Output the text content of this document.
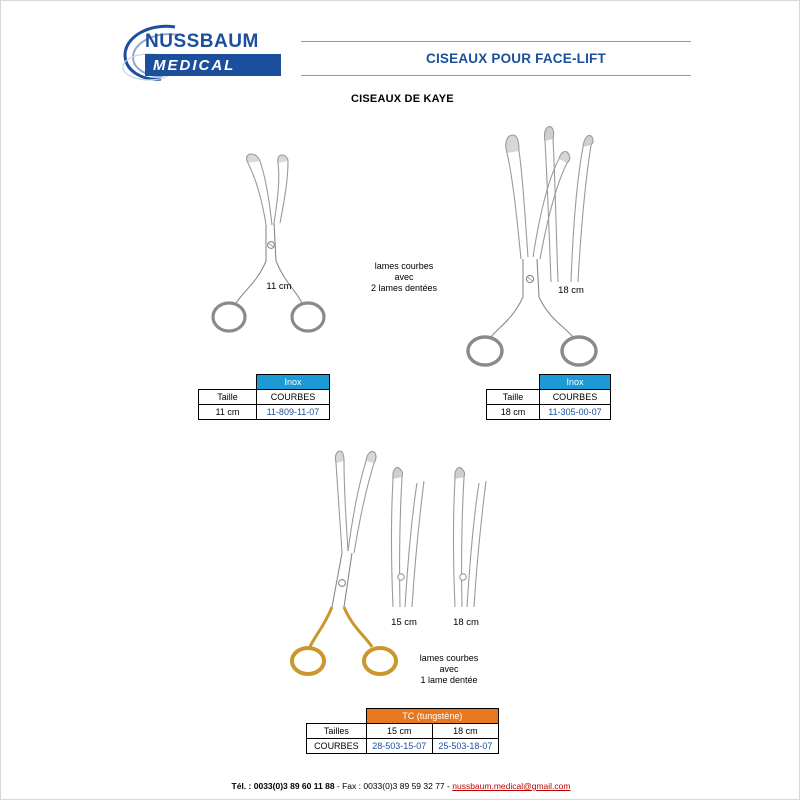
NUSSBAUM
MEDICAL	CISEAUX POUR FACE-LIFT
CISEAUX DE KAYE
11 cm
lames courbes
avec
2 lames dentées
	Inox
Taille	COURBES
11 cm	11-809-11-07
18 cm
	Inox
Taille	COURBES
18 cm	11-305-00-07
15 cm	18 cm
lames courbes
avec
1 lame dentée
	TC (tungstène)	
Tailles	15 cm	18 cm
COURBES	28-503-15-07	25-503-18-07
Tél. : 0033(0)3 89 60 11 88 - Fax : 0033(0)3 89 59 32 77 - nussbaum.medical@gmail.com
